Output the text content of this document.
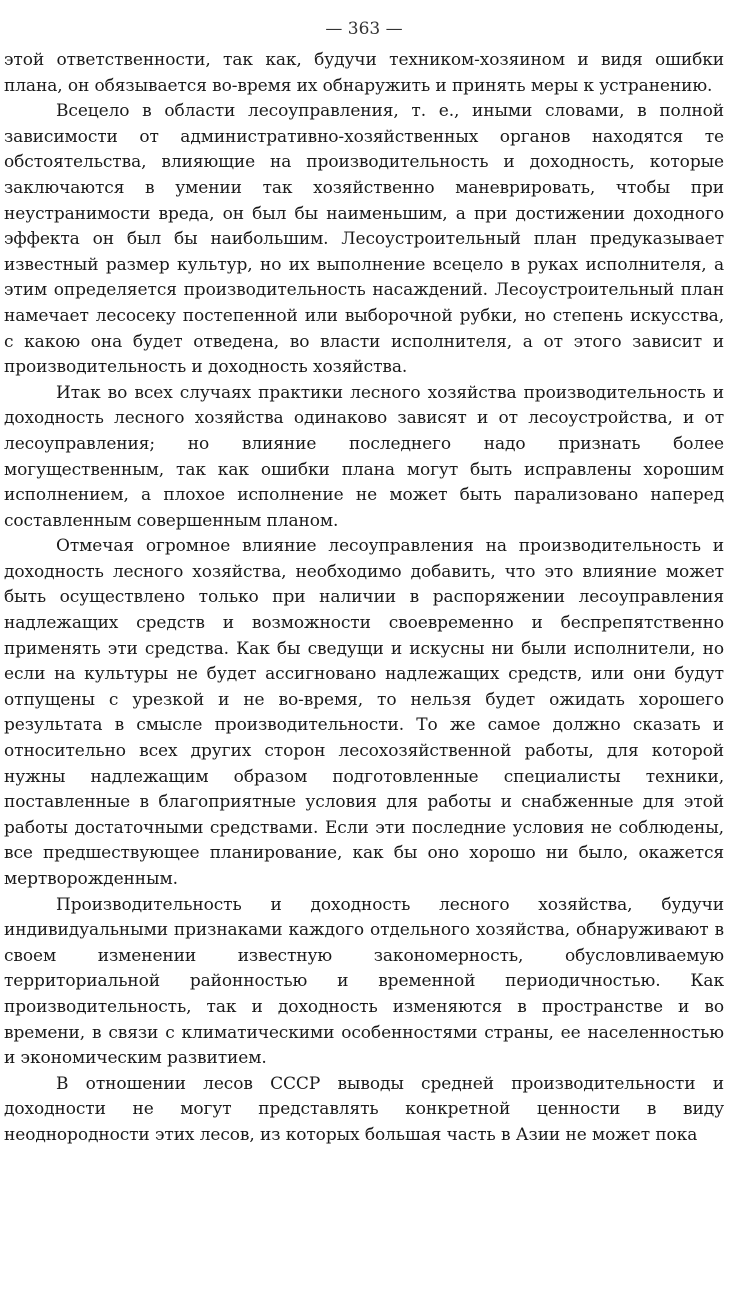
— 363 —

этой ответственности, так как, будучи техником-хозяином и видя ошибки плана, он обязывается во-время их обнаружить и принять меры к устранению.

Всецело в области лесоуправления, т. е., иными словами, в полной зависимости от административно-хозяйственных органов находятся те обстоятельства, влияющие на производительность и доходность, которые заключаются в умении так хозяйственно маневрировать, чтобы при неустранимости вреда, он был бы наименьшим, а при достижении доходного эффекта он был бы наибольшим. Лесоустроительный план предуказывает известный размер культур, но их выполнение всецело в руках исполнителя, а этим определяется производительность насаждений. Лесоустроительный план намечает лесосеку постепенной или выборочной рубки, но степень искусства, с какою она будет отведена, во власти исполнителя, а от этого зависит и производительность и доходность хозяйства.

Итак во всех случаях практики лесного хозяйства производительность и доходность лесного хозяйства одинаково зависят и от лесоустройства, и от лесоуправления; но влияние последнего надо признать более могущественным, так как ошибки плана могут быть исправлены хорошим исполнением, а плохое исполнение не может быть парализовано наперед составленным совершенным планом.

Отмечая огромное влияние лесоуправления на производительность и доходность лесного хозяйства, необходимо добавить, что это влияние может быть осуществлено только при наличии в распоряжении лесоуправления надлежащих средств и возможности своевременно и беспрепятственно применять эти средства. Как бы сведущи и искусны ни были исполнители, но если на культуры не будет ассигновано надлежащих средств, или они будут отпущены с урезкой и не во-время, то нельзя будет ожидать хорошего результата в смысле производительности. То же самое должно сказать и относительно всех других сторон лесохозяйственной работы, для которой нужны надлежащим образом подготовленные специалисты техники, поставленные в благоприятные условия для работы и снабженные для этой работы достаточными средствами. Если эти последние условия не соблюдены, все предшествующее планирование, как бы оно хорошо ни было, окажется мертворожденным.

Производительность и доходность лесного хозяйства, будучи индивидуальными признаками каждого отдельного хозяйства, обнаруживают в своем изменении известную закономерность, обусловливаемую территориальной районностью и временной периодичностью. Как производительность, так и доходность изменяются в пространстве и во времени, в связи с климатическими особенностями страны, ее населенностью и экономическим развитием.

В отношении лесов СССР выводы средней производительности и доходности не могут представлять конкретной ценности в виду неоднородности этих лесов, из которых большая часть в Азии не может пока
